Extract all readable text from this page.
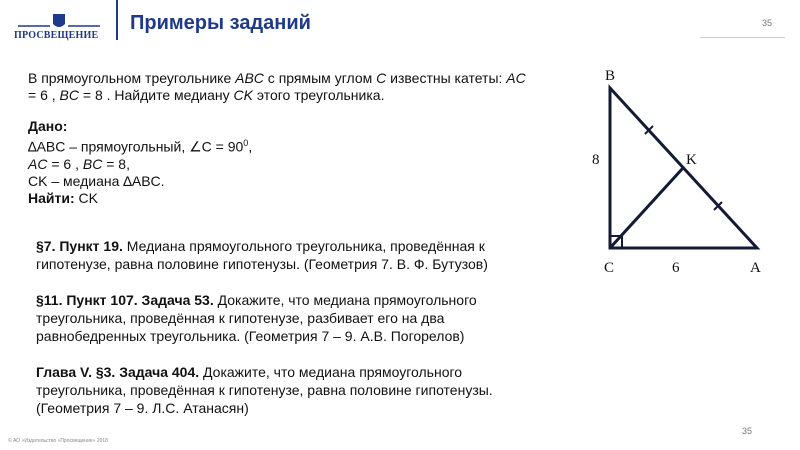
ПРОСВЕЩЕНИЕ
Примеры заданий	35
В прямоугольном треугольнике ABC с прямым углом C известны катеты: AC
= 6 , BC = 8 . Найдите медиану CK этого треугольника.
Дано:
∆ABC – прямоугольный, ∠C = $90^0$,
AC = 6 , BC = 8,
CK – медиана ∆ABC.
Найти: CK
§7. Пункт 19. Медиана прямоугольного треугольника, проведённая к гипотенузе, равна половине гипотенузы. (Геометрия 7. В. Ф. Бутузов)
§11. Пункт 107. Задача 53. Докажите, что медиана прямоугольного треугольника, проведённая к гипотенузе, разбивает его на два равнобедренных треугольника. (Геометрия 7 – 9. А.В. Погорелов)
Глава V. §3. Задача 404. Докажите, что медиана прямоугольного треугольника, проведённая к гипотенузе, равна половине гипотенузы. (Геометрия 7 – 9. Л.С. Атанасян)
B
C	A
K
8
6
© АО «Издательство «Просвещение» 2018
35
